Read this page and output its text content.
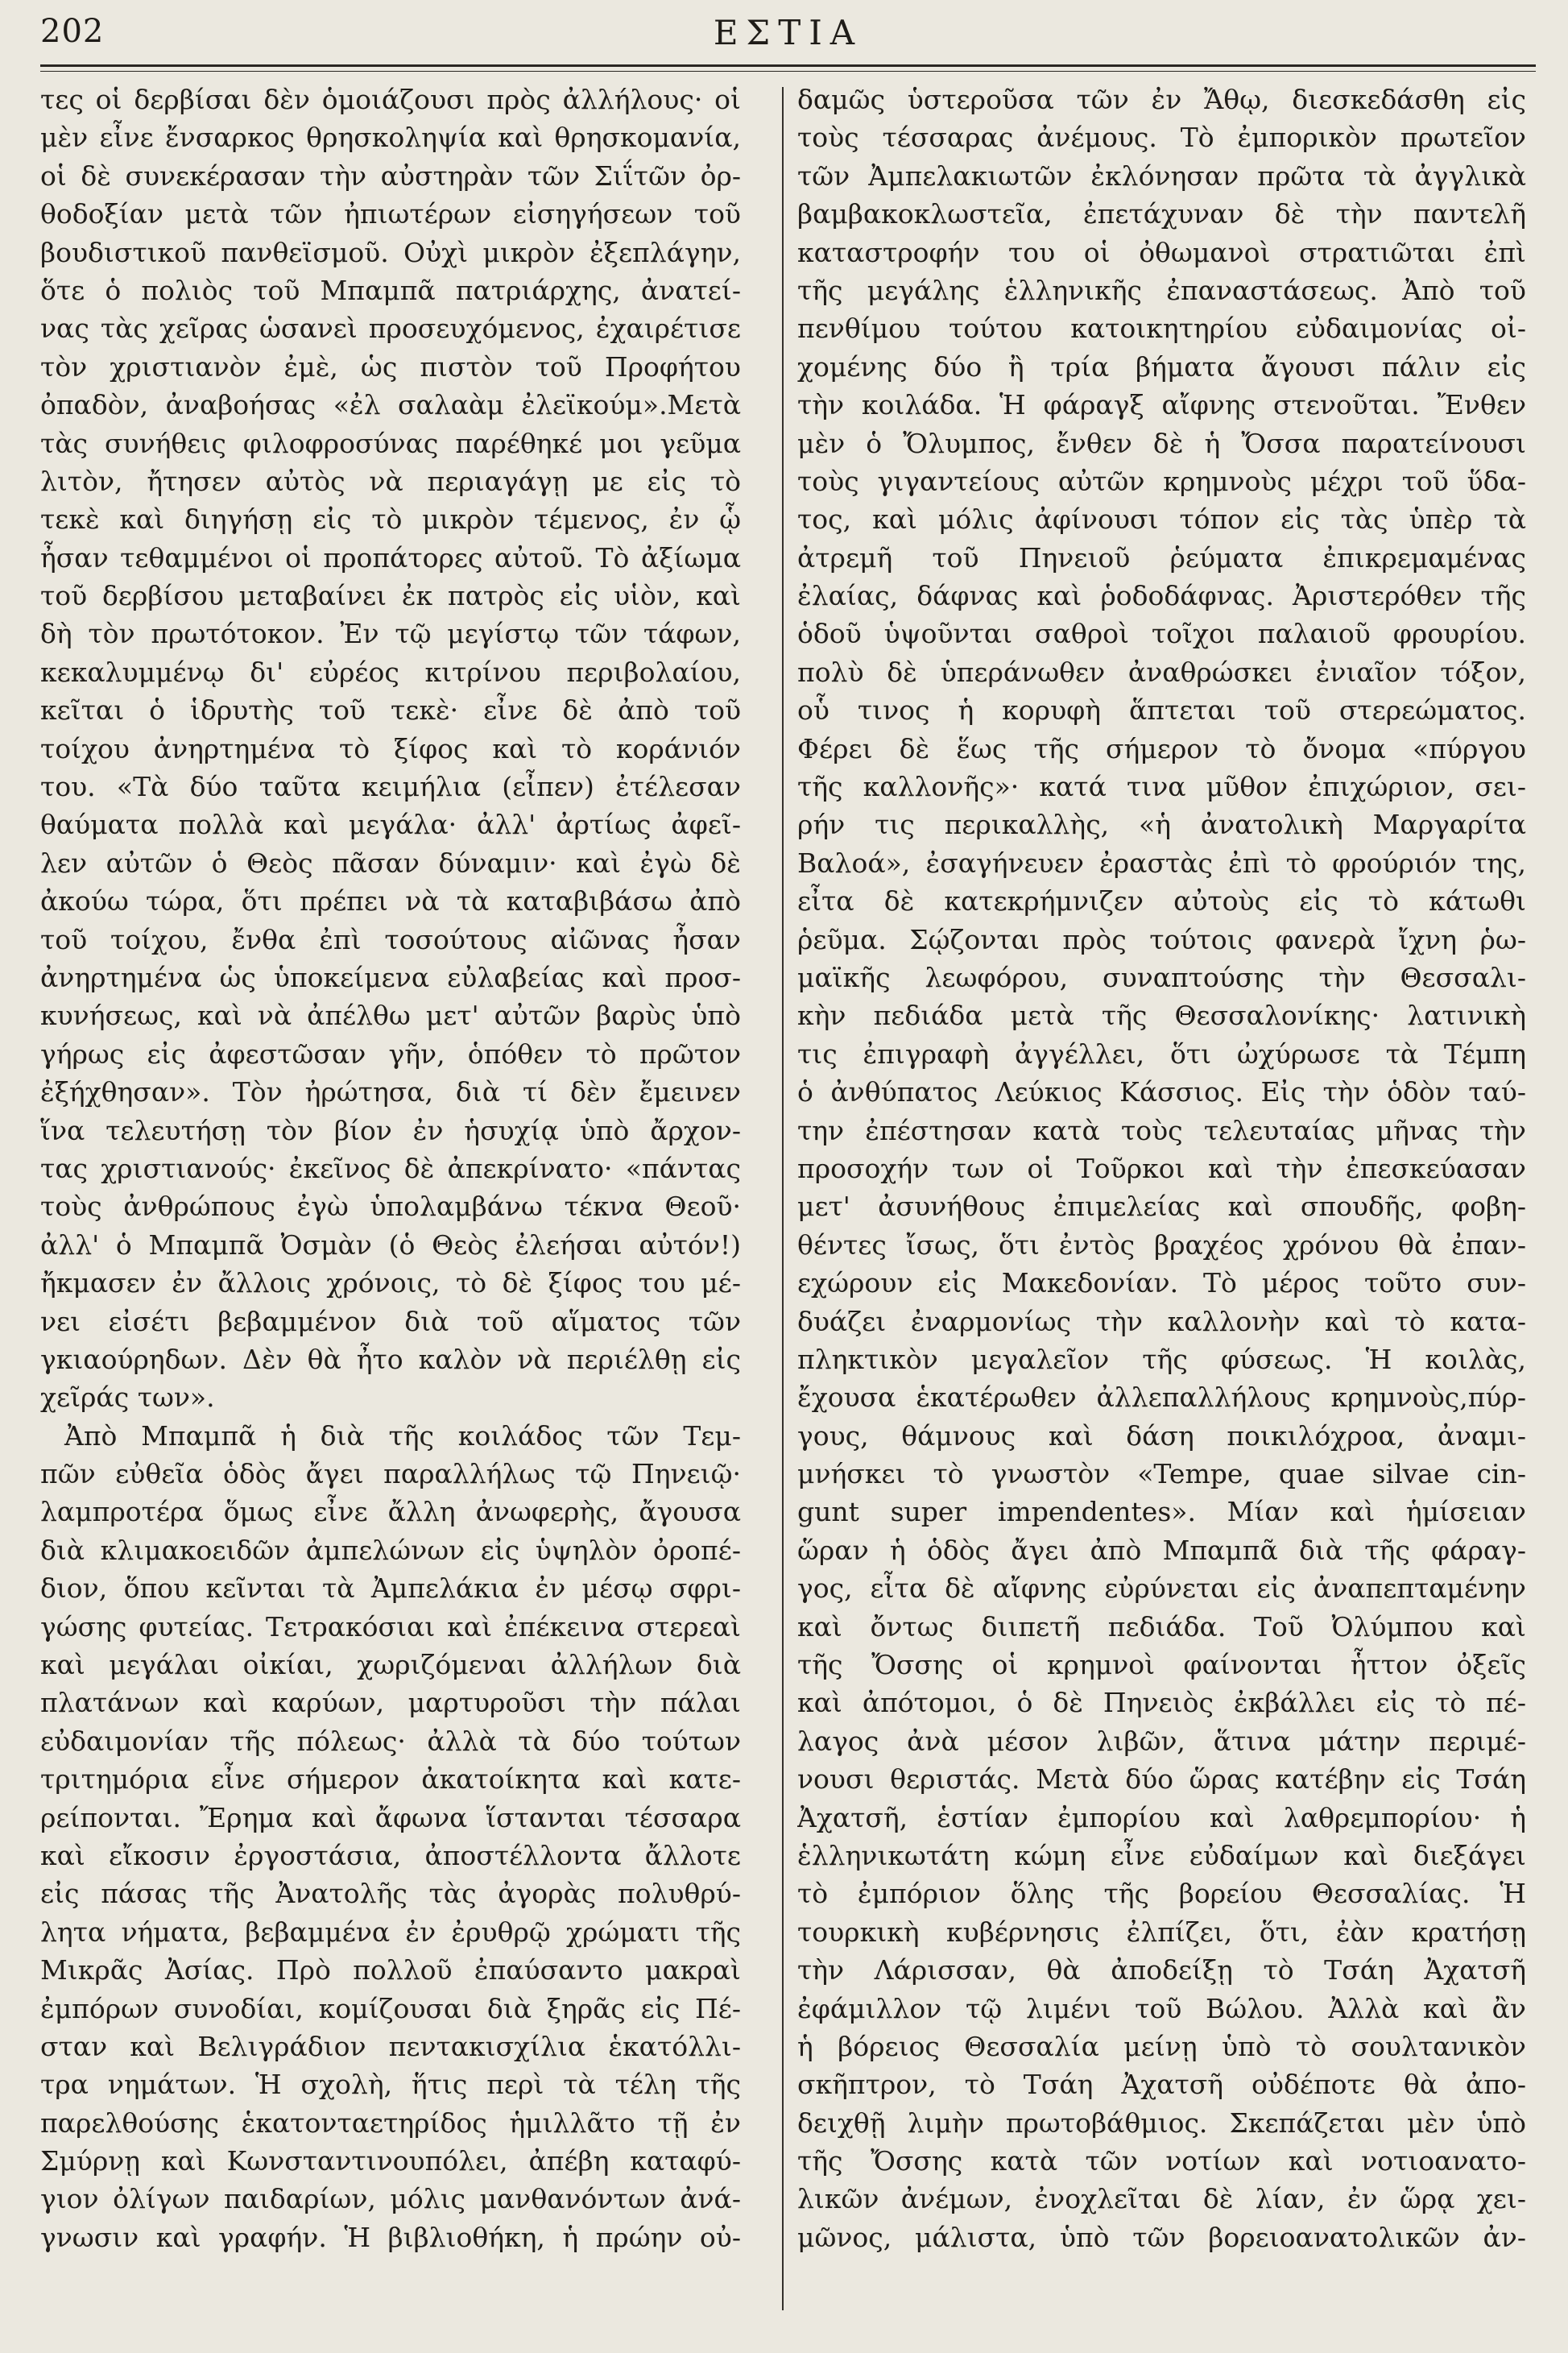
202	ΕΣΤΙΑ
τες οἱ δερβίσαι δὲν ὁμοιάζουσι πρὸς ἀλλήλους· οἱ
μὲν εἶνε ἔνσαρκος θρησκοληψία καὶ θρησκομανία,
οἱ δὲ συνεκέρασαν τὴν αὐστηρὰν τῶν Σιΐτῶν ὀρ-
θοδοξίαν μετὰ τῶν ἠπιωτέρων εἰσηγήσεων τοῦ
βουδιστικοῦ πανθεϊσμοῦ. Οὐχὶ μικρὸν ἐξεπλάγην,
ὅτε ὁ πολιὸς τοῦ Μπαμπᾶ πατριάρχης, ἀνατεί-
νας τὰς χεῖρας ὡσανεὶ προσευχόμενος, ἐχαιρέτισε
τὸν χριστιανὸν ἐμὲ, ὡς πιστὸν τοῦ Προφήτου
ὀπαδὸν, ἀναβοήσας «ἐλ σαλαὰμ ἐλεϊκούμ».Μετὰ
τὰς συνήθεις φιλοφροσύνας παρέθηκέ μοι γεῦμα
λιτὸν, ἤτησεν αὐτὸς νὰ περιαγάγῃ με εἰς τὸ
τεκὲ καὶ διηγήσῃ εἰς τὸ μικρὸν τέμενος, ἐν ᾧ
ἦσαν τεθαμμένοι οἱ προπάτορες αὐτοῦ. Τὸ ἀξίωμα
τοῦ δερβίσου μεταβαίνει ἐκ πατρὸς εἰς υἱὸν, καὶ
δὴ τὸν πρωτότοκον. Ἐν τῷ μεγίστῳ τῶν τάφων,
κεκαλυμμένῳ δι' εὐρέος κιτρίνου περιβολαίου,
κεῖται ὁ ἱδρυτὴς τοῦ τεκὲ· εἶνε δὲ ἀπὸ τοῦ
τοίχου ἀνηρτημένα τὸ ξίφος καὶ τὸ κοράνιόν
του. «Τὰ δύο ταῦτα κειμήλια (εἶπεν) ἐτέλεσαν
θαύματα πολλὰ καὶ μεγάλα· ἀλλ' ἀρτίως ἀφεῖ-
λεν αὐτῶν ὁ Θεὸς πᾶσαν δύναμιν· καὶ ἐγὼ δὲ
ἀκούω τώρα, ὅτι πρέπει νὰ τὰ καταβιβάσω ἀπὸ
τοῦ τοίχου, ἔνθα ἐπὶ τοσούτους αἰῶνας ἦσαν
ἀνηρτημένα ὡς ὑποκείμενα εὐλαβείας καὶ προσ-
κυνήσεως, καὶ νὰ ἀπέλθω μετ' αὐτῶν βαρὺς ὑπὸ
γήρως εἰς ἀφεστῶσαν γῆν, ὁπόθεν τὸ πρῶτον
ἐξήχθησαν». Τὸν ἠρώτησα, διὰ τί δὲν ἔμεινεν
ἵνα τελευτήσῃ τὸν βίον ἐν ἡσυχίᾳ ὑπὸ ἄρχον-
τας χριστιανούς· ἐκεῖνος δὲ ἀπεκρίνατο· «πάντας
τοὺς ἀνθρώπους ἐγὼ ὑπολαμβάνω τέκνα Θεοῦ·
ἀλλ' ὁ Μπαμπᾶ Ὀσμὰν (ὁ Θεὸς ἐλεήσαι αὐτόν!)
ἤκμασεν ἐν ἄλλοις χρόνοις, τὸ δὲ ξίφος του μέ-
νει εἰσέτι βεβαμμένον διὰ τοῦ αἵματος τῶν
γκιαούρηδων. Δὲν θὰ ἦτο καλὸν νὰ περιέλθῃ εἰς
χεῖράς των».
Ἀπὸ Μπαμπᾶ ἡ διὰ τῆς κοιλάδος τῶν Τεμ-
πῶν εὐθεῖα ὁδὸς ἄγει παραλλήλως τῷ Πηνειῷ·
λαμπροτέρα ὅμως εἶνε ἄλλη ἀνωφερὴς, ἄγουσα
διὰ κλιμακοειδῶν ἀμπελώνων εἰς ὑψηλὸν ὀροπέ-
διον, ὅπου κεῖνται τὰ Ἀμπελάκια ἐν μέσῳ σφρι-
γώσης φυτείας. Τετρακόσιαι καὶ ἐπέκεινα στερεαὶ
καὶ μεγάλαι οἰκίαι, χωριζόμεναι ἀλλήλων διὰ
πλατάνων καὶ καρύων, μαρτυροῦσι τὴν πάλαι
εὐδαιμονίαν τῆς πόλεως· ἀλλὰ τὰ δύο τούτων
τριτημόρια εἶνε σήμερον ἀκατοίκητα καὶ κατε-
ρείπονται. Ἔρημα καὶ ἄφωνα ἵστανται τέσσαρα
καὶ εἴκοσιν ἐργοστάσια, ἀποστέλλοντα ἄλλοτε
εἰς πάσας τῆς Ἀνατολῆς τὰς ἀγορὰς πολυθρύ-
λητα νήματα, βεβαμμένα ἐν ἐρυθρῷ χρώματι τῆς
Μικρᾶς Ἀσίας. Πρὸ πολλοῦ ἐπαύσαντο μακραὶ
ἐμπόρων συνοδίαι, κομίζουσαι διὰ ξηρᾶς εἰς Πέ-
σταν καὶ Βελιγράδιον πεντακισχίλια ἑκατόλλι-
τρα νημάτων. Ἡ σχολὴ, ἥτις περὶ τὰ τέλη τῆς
παρελθούσης ἑκατονταετηρίδος ἡμιλλᾶτο τῇ ἐν
Σμύρνῃ καὶ Κωνσταντινουπόλει, ἀπέβη καταφύ-
γιον ὀλίγων παιδαρίων, μόλις μανθανόντων ἀνά-
γνωσιν καὶ γραφήν. Ἡ βιβλιοθήκη, ἡ πρώην οὐ-
δαμῶς ὑστεροῦσα τῶν ἐν Ἄθῳ, διεσκεδάσθη εἰς
τοὺς τέσσαρας ἀνέμους. Τὸ ἐμπορικὸν πρωτεῖον
τῶν Ἀμπελακιωτῶν ἐκλόνησαν πρῶτα τὰ ἀγγλικὰ
βαμβακοκλωστεῖα, ἐπετάχυναν δὲ τὴν παντελῆ
καταστροφήν του οἱ ὀθωμανοὶ στρατιῶται ἐπὶ
τῆς μεγάλης ἑλληνικῆς ἐπαναστάσεως. Ἀπὸ τοῦ
πενθίμου τούτου κατοικητηρίου εὐδαιμονίας οἰ-
χομένης δύο ἢ τρία βήματα ἄγουσι πάλιν εἰς
τὴν κοιλάδα. Ἡ φάραγξ αἴφνης στενοῦται. Ἔνθεν
μὲν ὁ Ὄλυμπος, ἔνθεν δὲ ἡ Ὄσσα παρατείνουσι
τοὺς γιγαντείους αὐτῶν κρημνοὺς μέχρι τοῦ ὕδα-
τος, καὶ μόλις ἀφίνουσι τόπον εἰς τὰς ὑπὲρ τὰ
ἀτρεμῆ τοῦ Πηνειοῦ ῥεύματα ἐπικρεμαμένας
ἐλαίας, δάφνας καὶ ῥοδοδάφνας. Ἀριστερόθεν τῆς
ὁδοῦ ὑψοῦνται σαθροὶ τοῖχοι παλαιοῦ φρουρίου.
πολὺ δὲ ὑπεράνωθεν ἀναθρώσκει ἐνιαῖον τόξον,
οὗ τινος ἡ κορυφὴ ἅπτεται τοῦ στερεώματος.
Φέρει δὲ ἕως τῆς σήμερον τὸ ὄνομα «πύργου
τῆς καλλονῆς»· κατά τινα μῦθον ἐπιχώριον, σει-
ρήν τις περικαλλὴς, «ἡ ἀνατολικὴ Μαργαρίτα
Βαλοά», ἐσαγήνευεν ἐραστὰς ἐπὶ τὸ φρούριόν της,
εἶτα δὲ κατεκρήμνιζεν αὐτοὺς εἰς τὸ κάτωθι
ῥεῦμα. Σῴζονται πρὸς τούτοις φανερὰ ἴχνη ῥω-
μαϊκῆς λεωφόρου, συναπτούσης τὴν Θεσσαλι-
κὴν πεδιάδα μετὰ τῆς Θεσσαλονίκης· λατινικὴ
τις ἐπιγραφὴ ἀγγέλλει, ὅτι ὠχύρωσε τὰ Τέμπη
ὁ ἀνθύπατος Λεύκιος Κάσσιος. Εἰς τὴν ὁδὸν ταύ-
την ἐπέστησαν κατὰ τοὺς τελευταίας μῆνας τὴν
προσοχήν των οἱ Τοῦρκοι καὶ τὴν ἐπεσκεύασαν
μετ' ἀσυνήθους ἐπιμελείας καὶ σπουδῆς, φοβη-
θέντες ἴσως, ὅτι ἐντὸς βραχέος χρόνου θὰ ἐπαν-
εχώρουν εἰς Μακεδονίαν. Τὸ μέρος τοῦτο συν-
δυάζει ἐναρμονίως τὴν καλλονὴν καὶ τὸ κατα-
πληκτικὸν μεγαλεῖον τῆς φύσεως. Ἡ κοιλὰς,
ἔχουσα ἑκατέρωθεν ἀλλεπαλλήλους κρημνοὺς,πύρ-
γους, θάμνους καὶ δάση ποικιλόχροα, ἀναμι-
μνήσκει τὸ γνωστὸν «Tempe, quae silvae cin-
gunt super impendentes». Μίαν καὶ ἡμίσειαν
ὥραν ἡ ὁδὸς ἄγει ἀπὸ Μπαμπᾶ διὰ τῆς φάραγ-
γος, εἶτα δὲ αἴφνης εὐρύνεται εἰς ἀναπεπταμένην
καὶ ὄντως διιπετῆ πεδιάδα. Τοῦ Ὀλύμπου καὶ
τῆς Ὄσσης οἱ κρημνοὶ φαίνονται ἧττον ὀξεῖς
καὶ ἀπότομοι, ὁ δὲ Πηνειὸς ἐκβάλλει εἰς τὸ πέ-
λαγος ἀνὰ μέσον λιβῶν, ἅτινα μάτην περιμέ-
νουσι θεριστάς. Μετὰ δύο ὥρας κατέβην εἰς Τσάη
Ἀχατσῆ, ἑστίαν ἐμπορίου καὶ λαθρεμπορίου· ἡ
ἑλληνικωτάτη κώμη εἶνε εὐδαίμων καὶ διεξάγει
τὸ ἐμπόριον ὅλης τῆς βορείου Θεσσαλίας. Ἡ
τουρκικὴ κυβέρνησις ἐλπίζει, ὅτι, ἐὰν κρατήσῃ
τὴν Λάρισσαν, θὰ ἀποδείξῃ τὸ Τσάη Ἀχατσῆ
ἐφάμιλλον τῷ λιμένι τοῦ Βώλου. Ἀλλὰ καὶ ἂν
ἡ βόρειος Θεσσαλία μείνῃ ὑπὸ τὸ σουλτανικὸν
σκῆπτρον, τὸ Τσάη Ἀχατσῆ οὐδέποτε θὰ ἀπο-
δειχθῇ λιμὴν πρωτοβάθμιος. Σκεπάζεται μὲν ὑπὸ
τῆς Ὄσσης κατὰ τῶν νοτίων καὶ νοτιοανατο-
λικῶν ἀνέμων, ἐνοχλεῖται δὲ λίαν, ἐν ὥρᾳ χει-
μῶνος, μάλιστα, ὑπὸ τῶν βορειοανατολικῶν ἀν-
